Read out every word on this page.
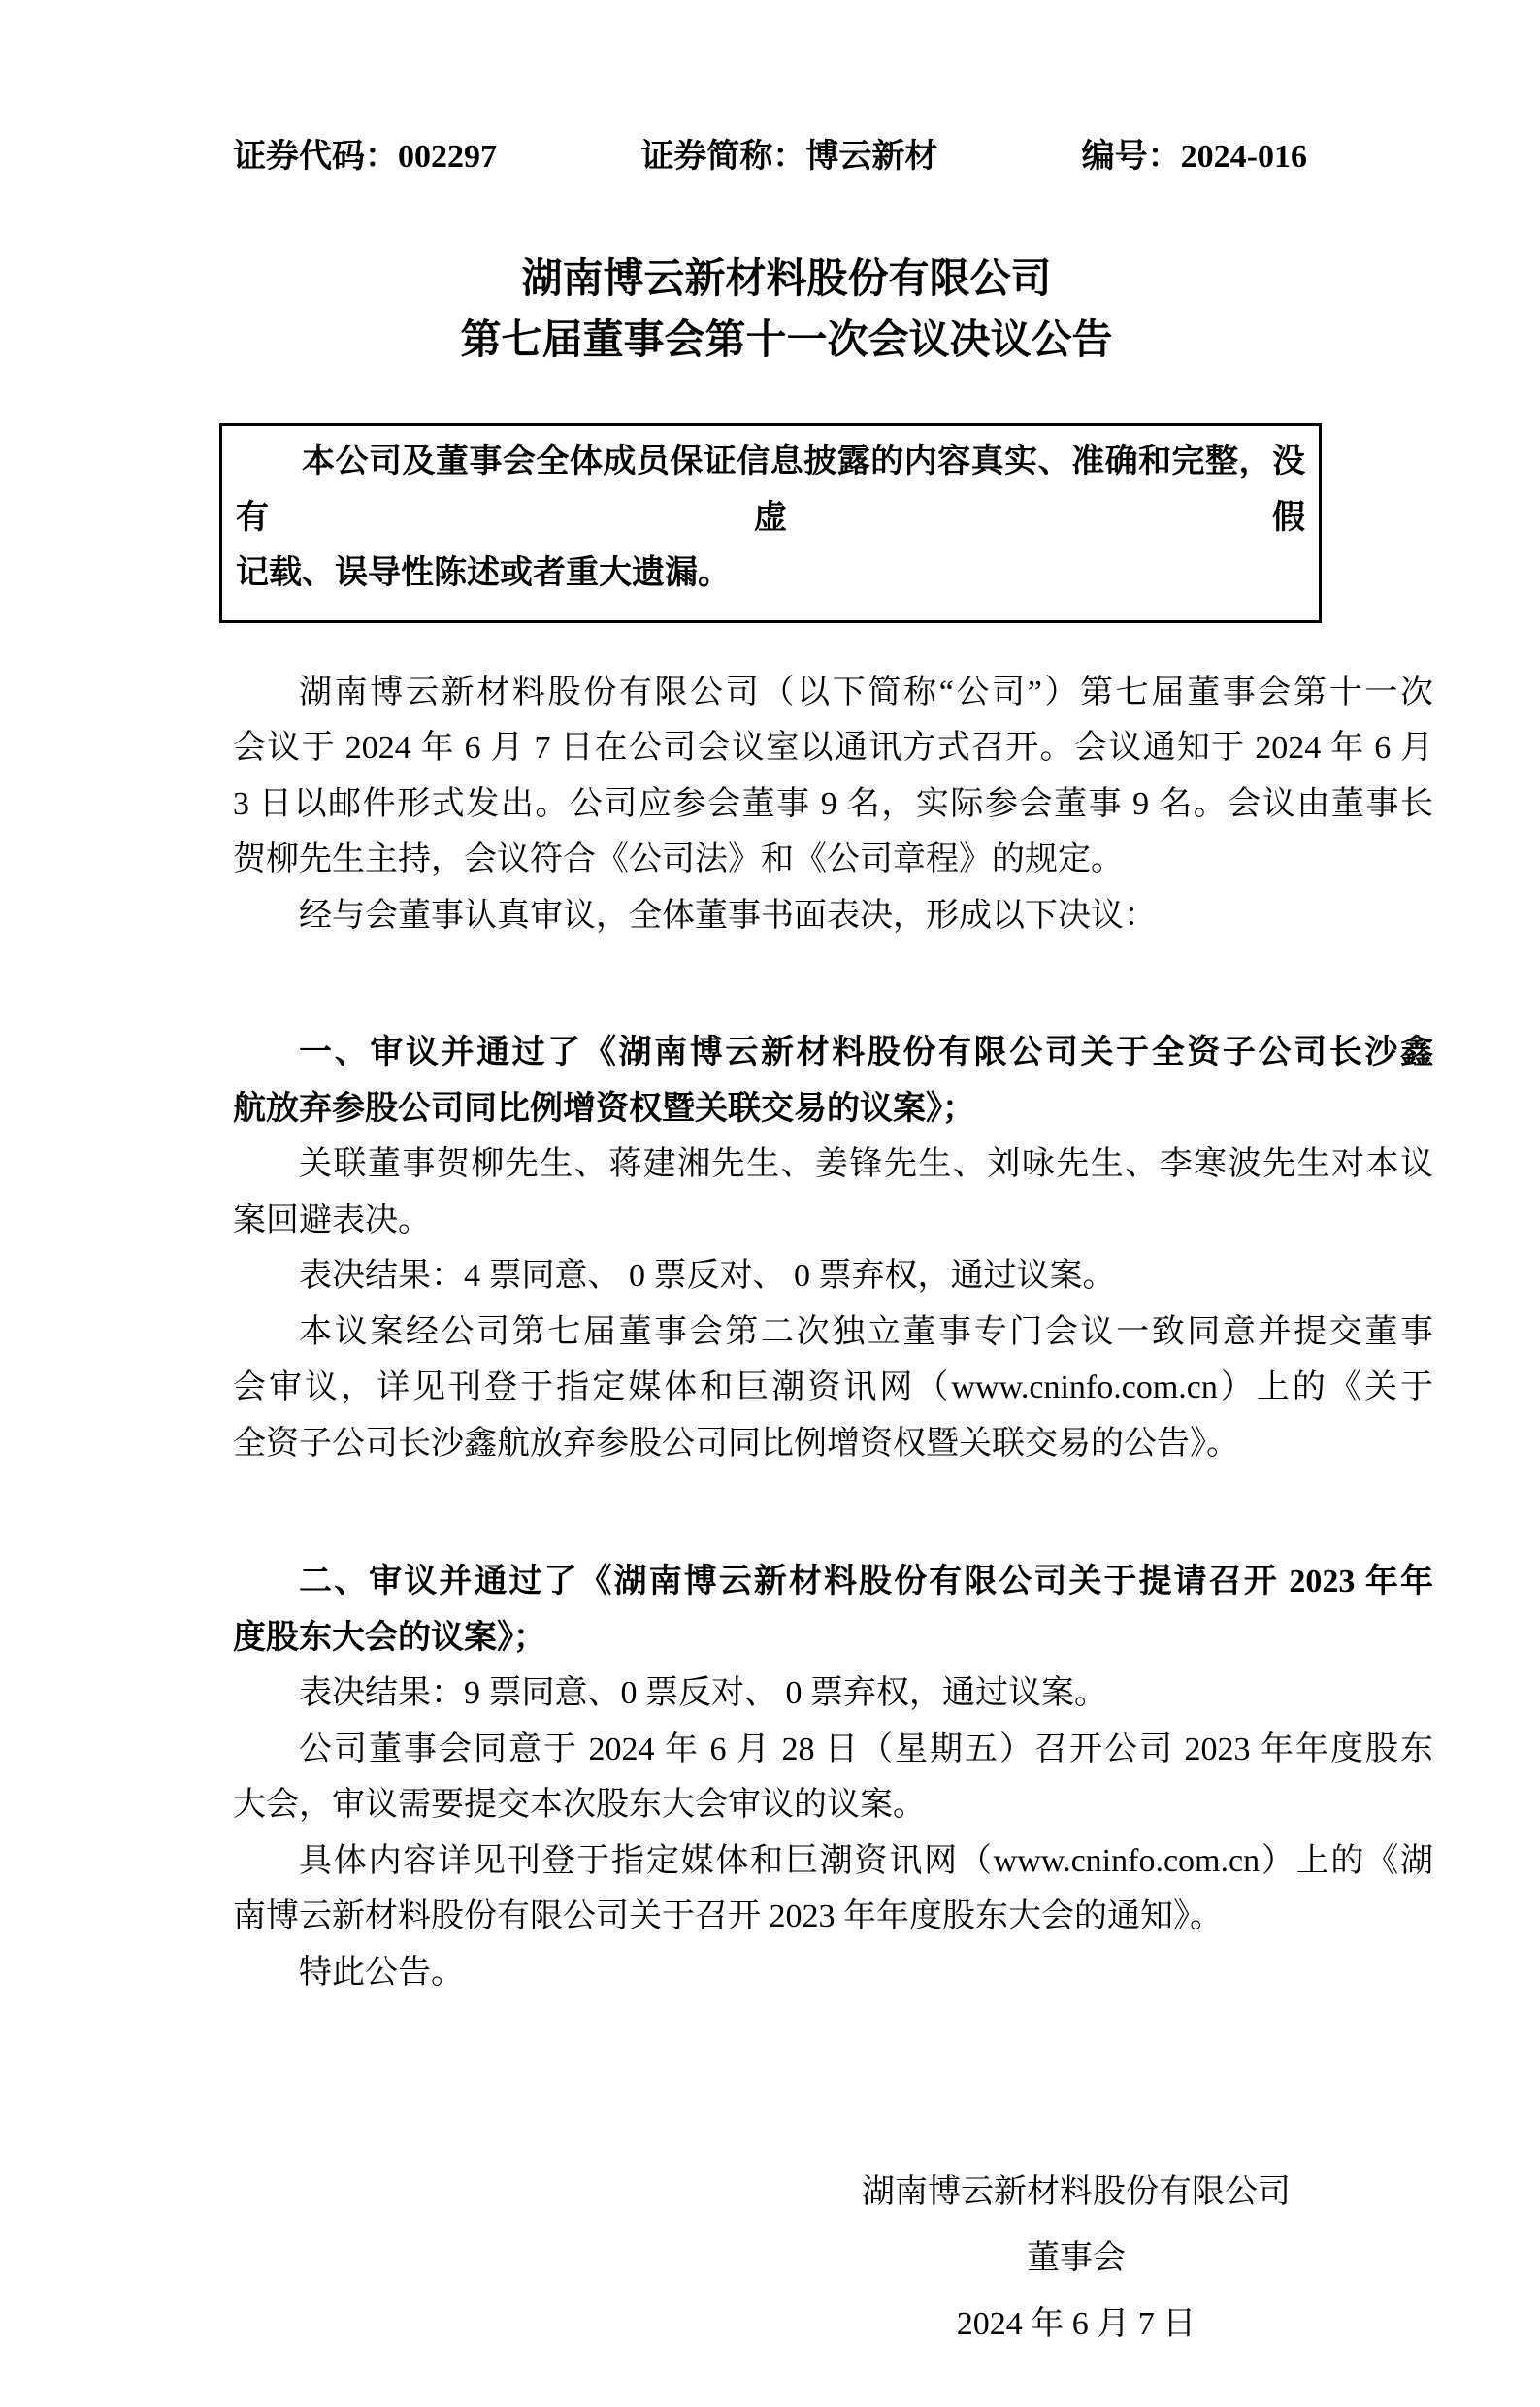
证券代码：002297	证券简称：博云新材	编号：2024-016
湖南博云新材料股份有限公司
第七届董事会第十一次会议决议公告
本公司及董事会全体成员保证信息披露的内容真实、准确和完整，没有虚假
记载、误导性陈述或者重大遗漏。
湖南博云新材料股份有限公司（以下简称“公司”）第七届董事会第十一次
会议于 2024 年 6 月 7 日在公司会议室以通讯方式召开。会议通知于 2024 年 6 月
3 日以邮件形式发出。公司应参会董事 9 名，实际参会董事 9 名。会议由董事长
贺柳先生主持，会议符合《公司法》和《公司章程》的规定。
经与会董事认真审议，全体董事书面表决，形成以下决议：
一、审议并通过了《湖南博云新材料股份有限公司关于全资子公司长沙鑫
航放弃参股公司同比例增资权暨关联交易的议案》；
关联董事贺柳先生、蒋建湘先生、姜锋先生、刘咏先生、李寒波先生对本议
案回避表决。
表决结果：4 票同意、 0 票反对、 0 票弃权，通过议案。
本议案经公司第七届董事会第二次独立董事专门会议一致同意并提交董事
会审议，详见刊登于指定媒体和巨潮资讯网（www.cninfo.com.cn）上的《关于
全资子公司长沙鑫航放弃参股公司同比例增资权暨关联交易的公告》。
二、审议并通过了《湖南博云新材料股份有限公司关于提请召开 2023 年年
度股东大会的议案》；
表决结果：9 票同意、0 票反对、 0 票弃权，通过议案。
公司董事会同意于 2024 年 6 月 28 日（星期五）召开公司 2023 年年度股东
大会，审议需要提交本次股东大会审议的议案。
具体内容详见刊登于指定媒体和巨潮资讯网（www.cninfo.com.cn）上的《湖
南博云新材料股份有限公司关于召开 2023 年年度股东大会的通知》。
特此公告。
湖南博云新材料股份有限公司
董事会
2024 年 6 月 7 日
